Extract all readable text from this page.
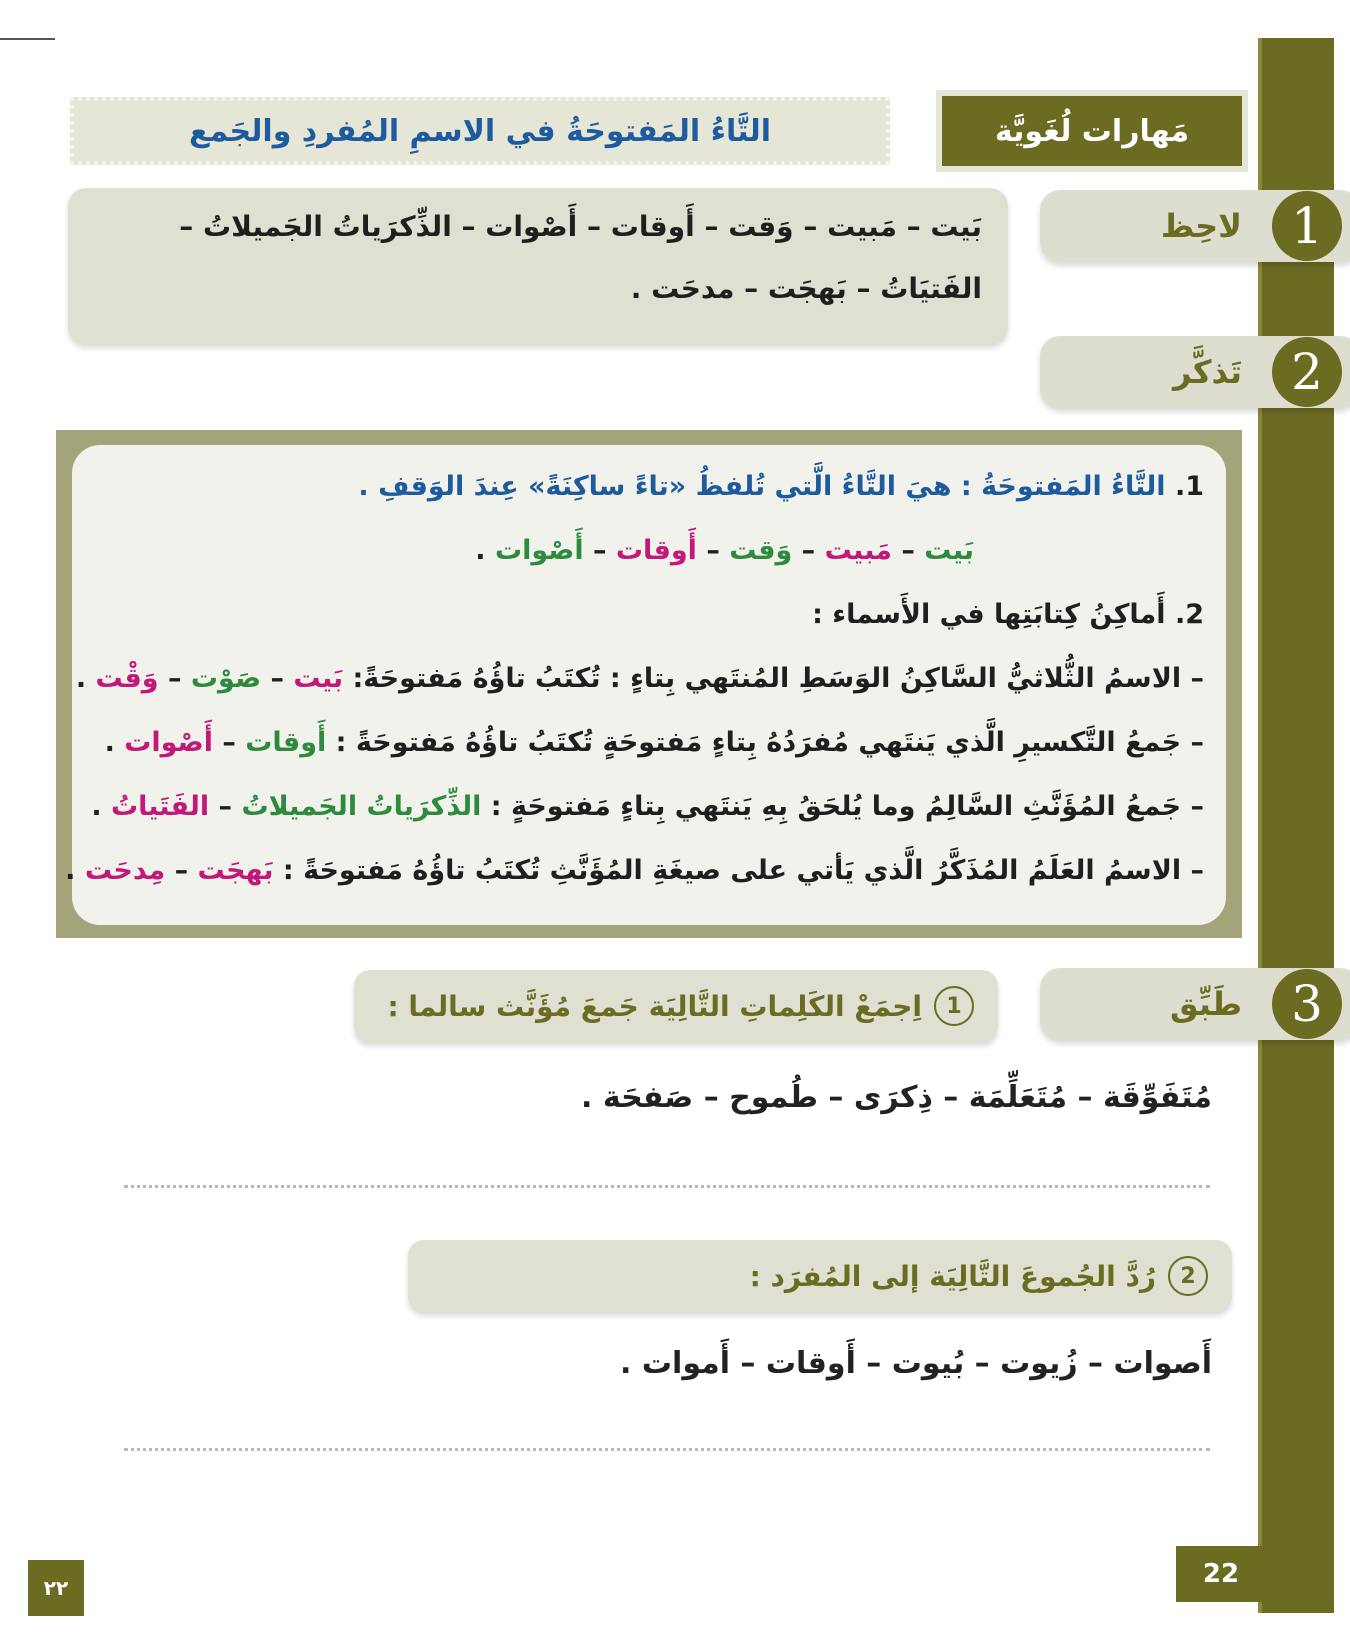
مَهارات لُغَويَّة
التَّاءُ المَفتوحَةُ في الاسمِ المُفردِ والجَمع
1
لاحِظ
بَيت – مَبيت – وَقت – أَوقات – أَصْوات – الذِّكرَياتُ الجَميلاتُ –
الفَتيَاتُ – بَهجَت – مدحَت .
2
تَذكَّر

1. التَّاءُ المَفتوحَةُ : هيَ التَّاءُ الَّتي تُلفظُ «تاءً ساكِنَةً» عِندَ الوَقفِ .

بَيت – مَبيت – وَقت – أَوقات – أَصْوات .

2. أَماكِنُ كِتابَتِها في الأَسماء :

– الاسمُ الثُّلاثيُّ السَّاكِنُ الوَسَطِ المُنتَهي بِتاءٍ : تُكتَبُ تاؤُهُ مَفتوحَةً: بَيت – صَوْت – وَقْت .

– جَمعُ التَّكسيرِ الَّذي يَنتَهي مُفرَدُهُ بِتاءٍ مَفتوحَةٍ تُكتَبُ تاؤُهُ مَفتوحَةً : أَوقات – أَصْوات .

– جَمعُ المُؤَنَّثِ السَّالِمُ وما يُلحَقُ بِهِ يَنتَهي بِتاءٍ مَفتوحَةٍ : الذِّكرَياتُ الجَميلاتُ – الفَتَياتُ .

– الاسمُ العَلَمُ المُذَكَّرُ الَّذي يَأتي على صيغَةِ المُؤَنَّثِ تُكتَبُ تاؤُهُ مَفتوحَةً : بَهجَت – مِدحَت .

3
طَبِّق
1
اِجمَعْ الكَلِماتِ التَّالِيَة جَمعَ مُؤَنَّث سالما :
مُتَفَوِّقَة – مُتَعَلِّمَة – ذِكرَى – طُموح – صَفحَة .
2
رُدَّ الجُموعَ التَّالِيَة إلى المُفرَد :
أَصوات – زُيوت – بُيوت – أَوقات – أَموات .
٢٢	22
